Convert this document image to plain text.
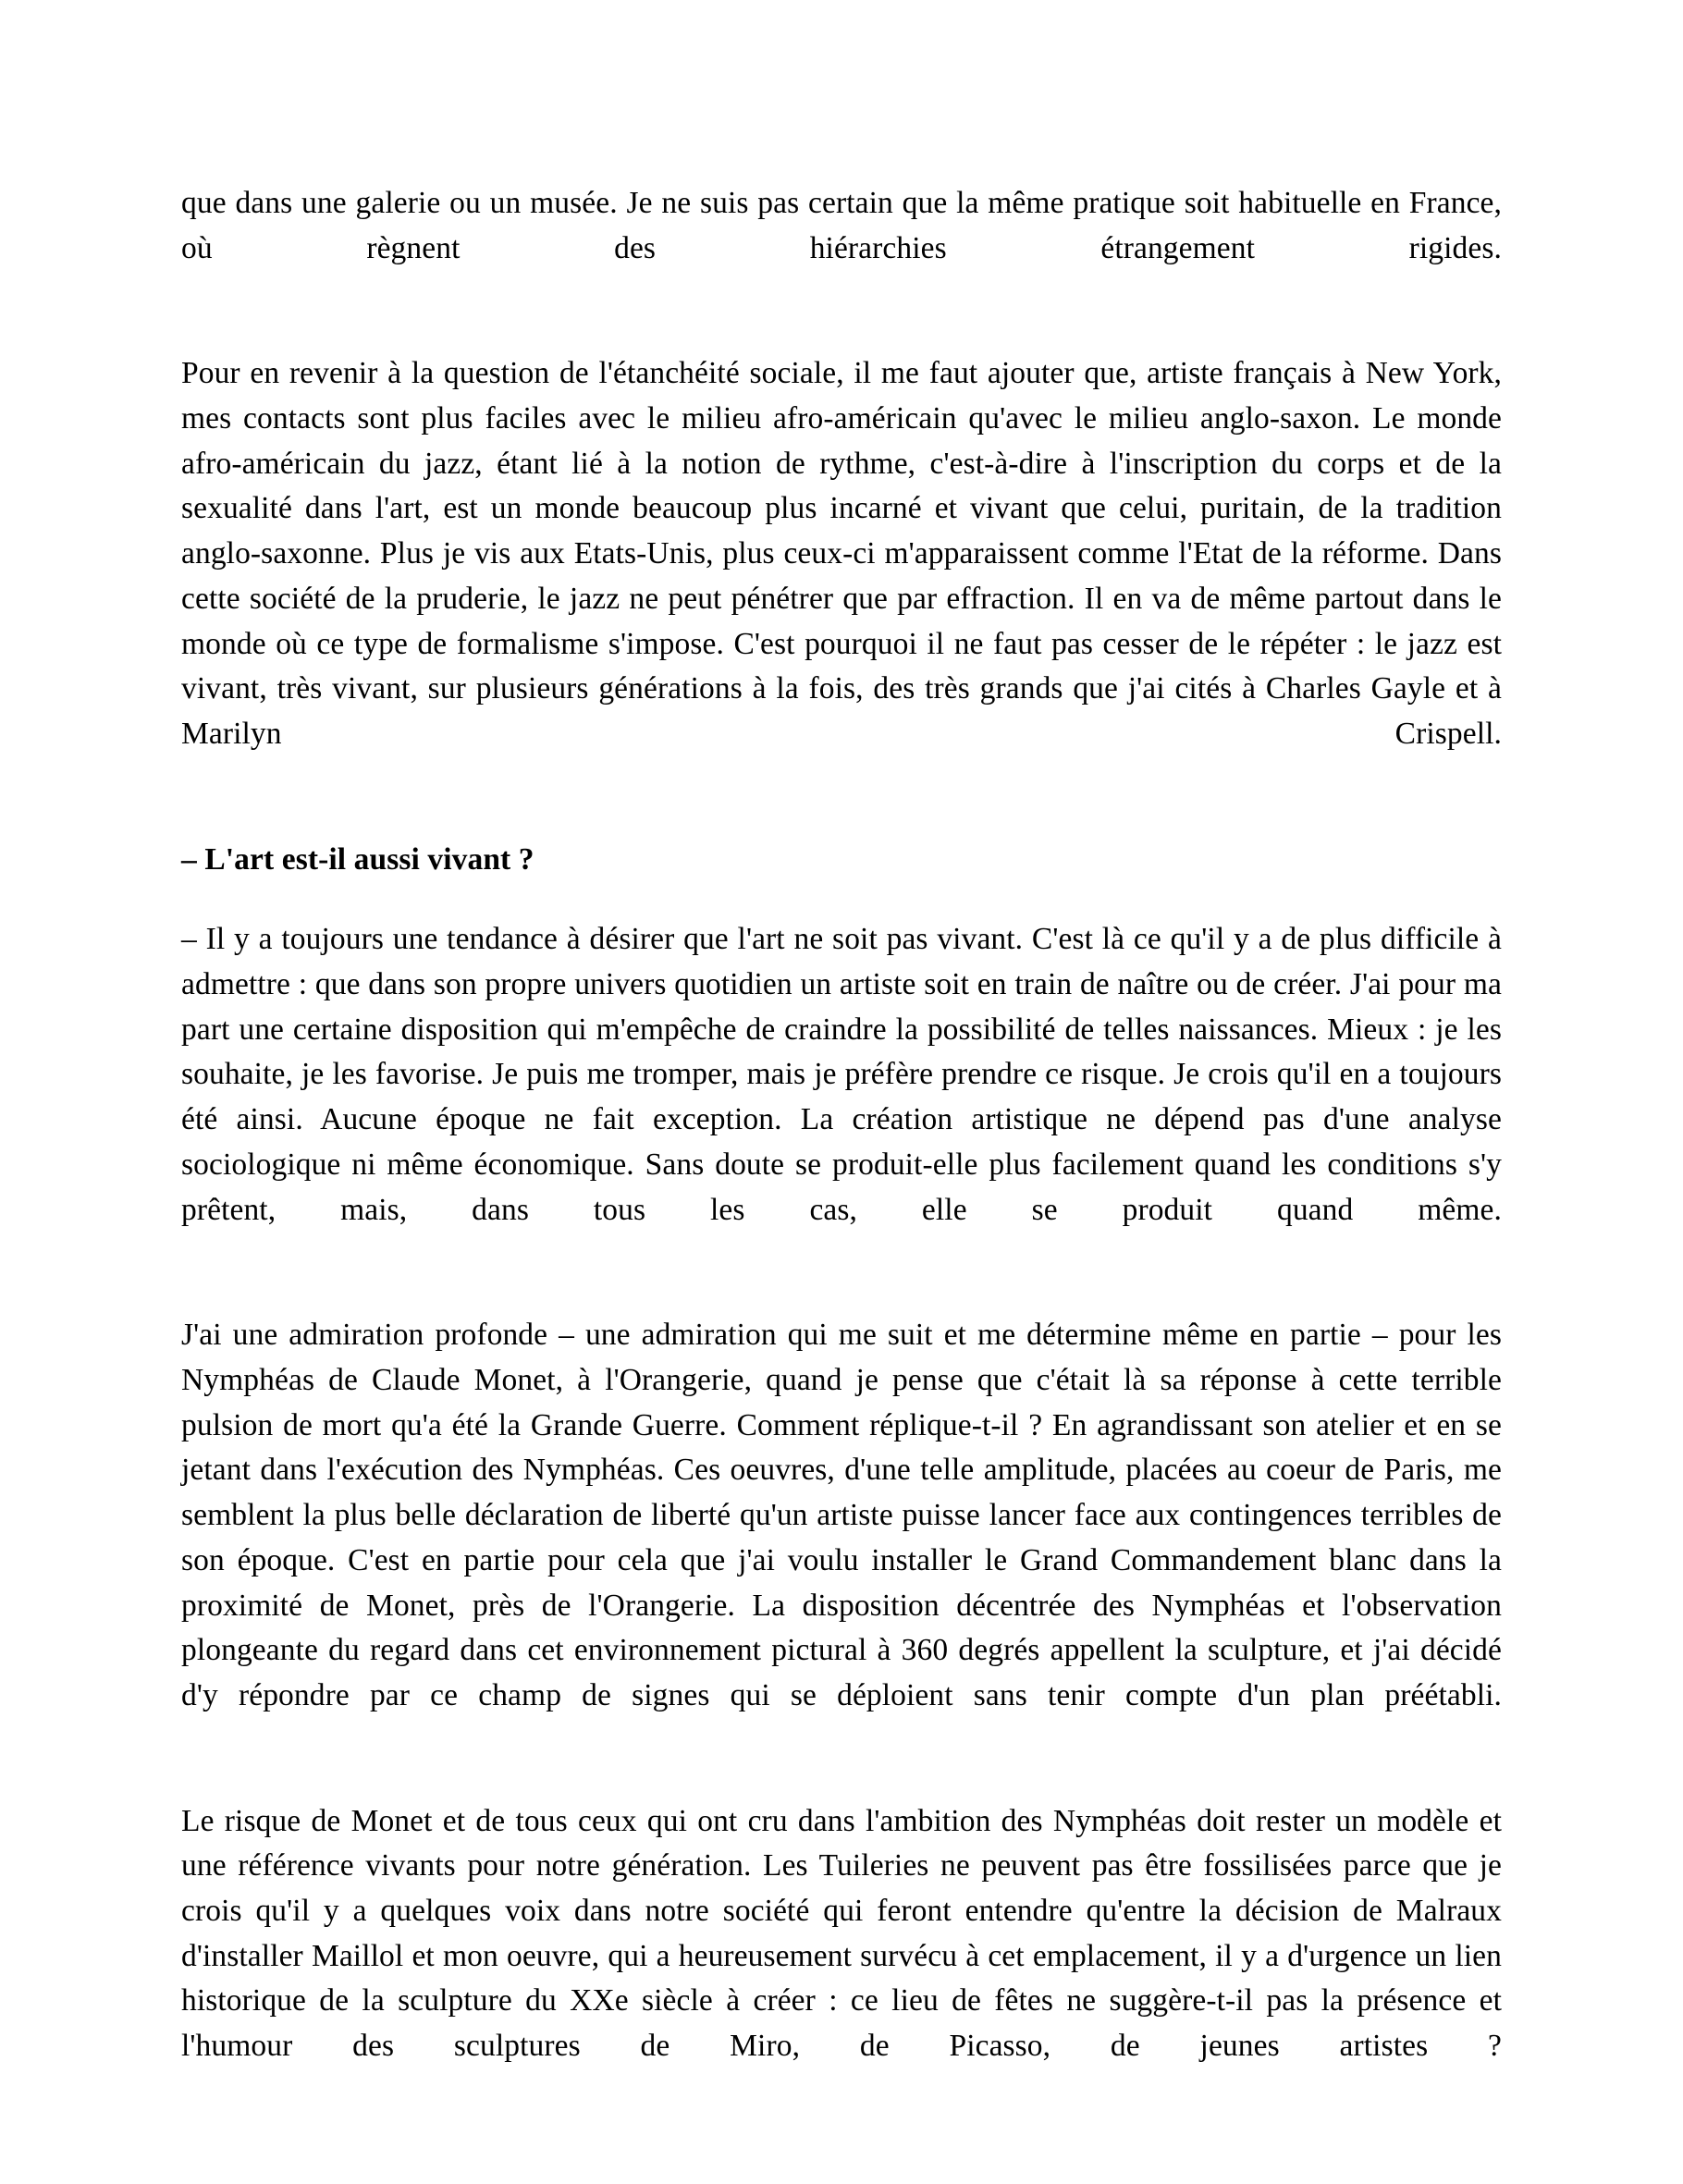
que dans une galerie ou un musée. Je ne suis pas certain que la même pratique soit habituelle en France, où règnent des hiérarchies étrangement rigides.

Pour en revenir à la question de l'étanchéité sociale, il me faut ajouter que, artiste français à New York, mes contacts sont plus faciles avec le milieu afro-américain qu'avec le milieu anglo-saxon. Le monde afro-américain du jazz, étant lié à la notion de rythme, c'est-à-dire à l'inscription du corps et de la sexualité dans l'art, est un monde beaucoup plus incarné et vivant que celui, puritain, de la tradition anglo-saxonne. Plus je vis aux Etats-Unis, plus ceux-ci m'apparaissent comme l'Etat de la réforme. Dans cette société de la pruderie, le jazz ne peut pénétrer que par effraction. Il en va de même partout dans le monde où ce type de formalisme s'impose. C'est pourquoi il ne faut pas cesser de le répéter : le jazz est vivant, très vivant, sur plusieurs générations à la fois, des très grands que j'ai cités à Charles Gayle et à Marilyn Crispell.

– L'art est-il aussi vivant ?

– Il y a toujours une tendance à désirer que l'art ne soit pas vivant. C'est là ce qu'il y a de plus difficile à admettre : que dans son propre univers quotidien un artiste soit en train de naître ou de créer. J'ai pour ma part une certaine disposition qui m'empêche de craindre la possibilité de telles naissances. Mieux : je les souhaite, je les favorise. Je puis me tromper, mais je préfère prendre ce risque. Je crois qu'il en a toujours été ainsi. Aucune époque ne fait exception. La création artistique ne dépend pas d'une analyse sociologique ni même économique. Sans doute se produit-elle plus facilement quand les conditions s'y prêtent, mais, dans tous les cas, elle se produit quand même.

J'ai une admiration profonde – une admiration qui me suit et me détermine même en partie – pour les Nymphéas de Claude Monet, à l'Orangerie, quand je pense que c'était là sa réponse à cette terrible pulsion de mort qu'a été la Grande Guerre. Comment réplique-t-il ? En agrandissant son atelier et en se jetant dans l'exécution des Nymphéas. Ces oeuvres, d'une telle amplitude, placées au coeur de Paris, me semblent la plus belle déclaration de liberté qu'un artiste puisse lancer face aux contingences terribles de son époque. C'est en partie pour cela que j'ai voulu installer le Grand Commandement blanc dans la proximité de Monet, près de l'Orangerie. La disposition décentrée des Nymphéas et l'observation plongeante du regard dans cet environnement pictural à 360 degrés appellent la sculpture, et j'ai décidé d'y répondre par ce champ de signes qui se déploient sans tenir compte d'un plan préétabli.

Le risque de Monet et de tous ceux qui ont cru dans l'ambition des Nymphéas doit rester un modèle et une référence vivants pour notre génération. Les Tuileries ne peuvent pas être fossilisées parce que je crois qu'il y a quelques voix dans notre société qui feront entendre qu'entre la décision de Malraux d'installer Maillol et mon oeuvre, qui a heureusement survécu à cet emplacement, il y a d'urgence un lien historique de la sculpture du XXe siècle à créer : ce lieu de fêtes ne suggère-t-il pas la présence et l'humour des sculptures de Miro, de Picasso, de jeunes artistes ?
